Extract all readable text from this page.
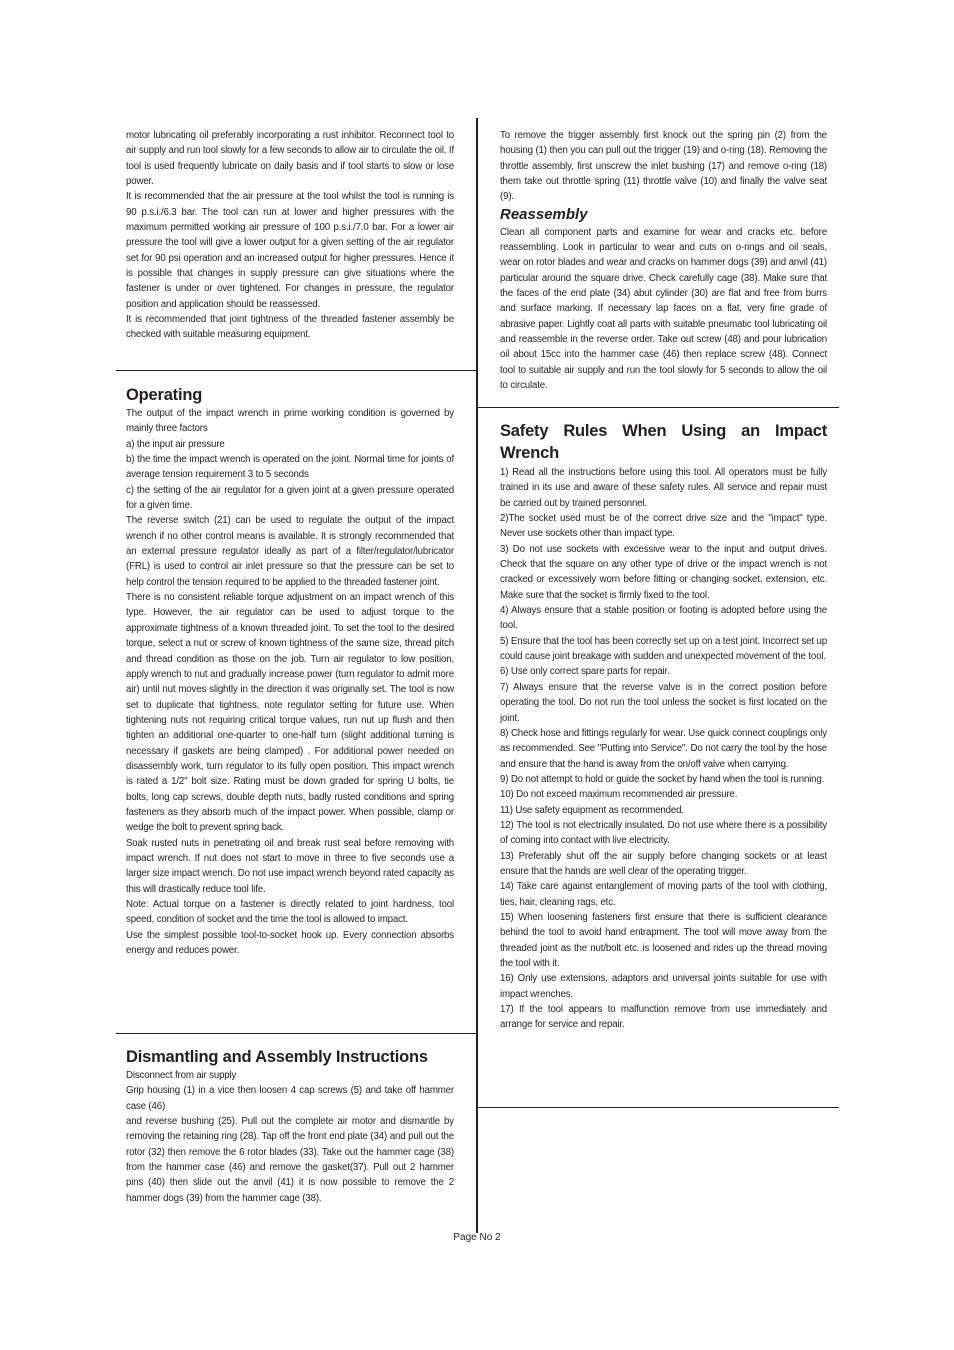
motor lubricating oil preferably incorporating a rust inhibitor. Reconnect tool to air supply and run tool slowly for a few seconds to allow air to circulate the oil. If tool is used frequently lubricate on daily basis and if tool starts to slow or lose power.

It is recommended that the air pressure at the tool whilst the tool is running is 90 p.s.i./6.3 bar. The tool can run at lower and higher pressures with the maximum permitted working air pressure of 100 p.s.i./7.0 bar. For a lower air pressure the tool will give a lower output for a given setting of the air regulator set for 90 psi operation and an increased output for higher pressures. Hence it is possible that changes in supply pressure can give situations where the fastener is under or over tightened. For changes in pressure, the regulator position and application should be reassessed.

It is recommended that joint tightness of the threaded fastener assembly be checked with suitable measuring equipment.

Operating

The output of the impact wrench in prime working condition is governed by mainly three factors

a) the input air pressure

b) the time the impact wrench is operated on the joint. Normal time for joints of average tension requirement 3 to 5 seconds

c) the setting of the air regulator for a given joint at a given pressure operated for a given time.

The reverse switch (21) can be used to regulate the output of the impact wrench if no other control means is available. It is strongly recommended that an external pressure regulator ideally as part of a filter/regulator/lubricator (FRL) is used to control air inlet pressure so that the pressure can be set to help control the tension required to be applied to the threaded fastener joint.

There is no consistent reliable torque adjustment on an impact wrench of this type. However, the air regulator can be used to adjust torque to the approximate tightness of a known threaded joint. To set the tool to the desired torque, select a nut or screw of known tightness of the same size, thread pitch and thread condition as those on the job. Turn air regulator to low position, apply wrench to nut and gradually increase power (turn regulator to admit more air) until nut moves slightly in the direction it was originally set. The tool is now set to duplicate that tightness, note regulator setting for future use. When tightening nuts not requiring critical torque values, run nut up flush and then tighten an additional one-quarter to one-half turn (slight additional turning is necessary if gaskets are being clamped) . For additional power needed on disassembly work, turn regulator to its fully open position. This impact wrench is rated a 1/2" bolt size. Rating must be down graded for spring U bolts, tie bolts, long cap screws, double depth nuts, badly rusted conditions and spring fasteners as they absorb much of the impact power. When possible, clamp or wedge the bolt to prevent spring back.

Soak rusted nuts in penetrating oil and break rust seal before removing with impact wrench. If nut does not start to move in three to five seconds use a larger size impact wrench. Do not use impact wrench beyond rated capacity as this will drastically reduce tool life.

Note: Actual torque on a fastener is directly related to joint hardness, tool speed, condition of socket and the time the tool is allowed to impact.

Use the simplest possible tool-to-socket hook up. Every connection absorbs energy and reduces power.

Dismantling and Assembly Instructions

Disconnect from air supply

Grip housing (1) in a vice then loosen 4 cap screws (5) and take off hammer case (46)

and reverse bushing (25). Pull out the complete air motor and dismantle by removing the retaining ring (28). Tap off the front end plate (34) and pull out the rotor (32) then remove the 6 rotor blades (33). Take out the hammer cage (38) from the hammer case (46) and remove the gasket(37). Pull out 2 hammer pins (40) then slide out the anvil (41) it is now possible to remove the 2 hammer dogs (39) from the hammer cage (38).

To remove the trigger assembly first knock out the spring pin (2) from the housing (1) then you can pull out the trigger (19) and o-ring (18). Removing the throttle assembly, first unscrew the inlet bushing (17) and remove o-ring (18) them take out throttle spring (11) throttle valve (10) and finally the valve seat (9).

Reassembly

Clean all component parts and examine for wear and cracks etc. before reassembling. Look in particular to wear and cuts on o-rings and oil seals, wear on rotor blades and wear and cracks on hammer dogs (39) and anvil (41) particular around the square drive. Check carefully cage (38). Make sure that the faces of the end plate (34) abut cylinder (30) are flat and free from burrs and surface marking. If necessary lap faces on a flat, very fine grade of abrasive paper. Lightly coat all parts with suitable pneumatic tool lubricating oil and reassemble in the reverse order. Take out screw (48) and pour lubrication oil about 15cc into the hammer case (46) then replace screw (48). Connect tool to suitable air supply and run the tool slowly for 5 seconds to allow the oil to circulate.

Safety Rules When Using an Impact Wrench

1) Read all the instructions before using this tool. All operators must be fully trained in its use and aware of these safety rules. All service and repair must be carried out by trained personnel.

2)The socket used must be of the correct drive size and the "impact" type. Never use sockets other than impact type.

3) Do not use sockets with excessive wear to the input and output drives. Check that the square on any other type of drive or the impact wrench is not cracked or excessively worn before fitting or changing socket, extension, etc. Make sure that the socket is firmly fixed to the tool.

4) Always ensure that a stable position or footing is adopted before using the tool.

5) Ensure that the tool has been correctly set up on a test joint. Incorrect set up could cause joint breakage with sudden and unexpected movement of the tool.

6) Use only correct spare parts for repair.

7) Always ensure that the reverse valve is in the correct position before operating the tool. Do not run the tool unless the socket is first located on the joint.

8) Check hose and fittings regularly for wear. Use quick connect couplings only as recommended. See "Putting into Service". Do not carry the tool by the hose and ensure that the hand is away from the on/off valve when carrying.

9) Do not attempt to hold or guide the socket by hand when the tool is running.

10) Do not exceed maximum recommended air pressure.

11) Use safety equipment as recommended.

12) The tool is not electrically insulated. Do not use where there is a possibility of coming into contact with live electricity.

13) Preferably shut off the air supply before changing sockets or at least ensure that the hands are well clear of the operating trigger.

14) Take care against entanglement of moving parts of the tool with clothing, ties, hair, cleaning rags, etc.

15) When loosening fasteners first ensure that there is sufficient clearance behind the tool to avoid hand entrapment. The tool will move away from the threaded joint as the nut/bolt etc. is loosened and rides up the thread moving the tool with it.

16) Only use extensions, adaptors and universal joints suitable for use with impact wrenches.

17) If the tool appears to malfunction remove from use immediately and arrange for service and repair.

Page No 2
